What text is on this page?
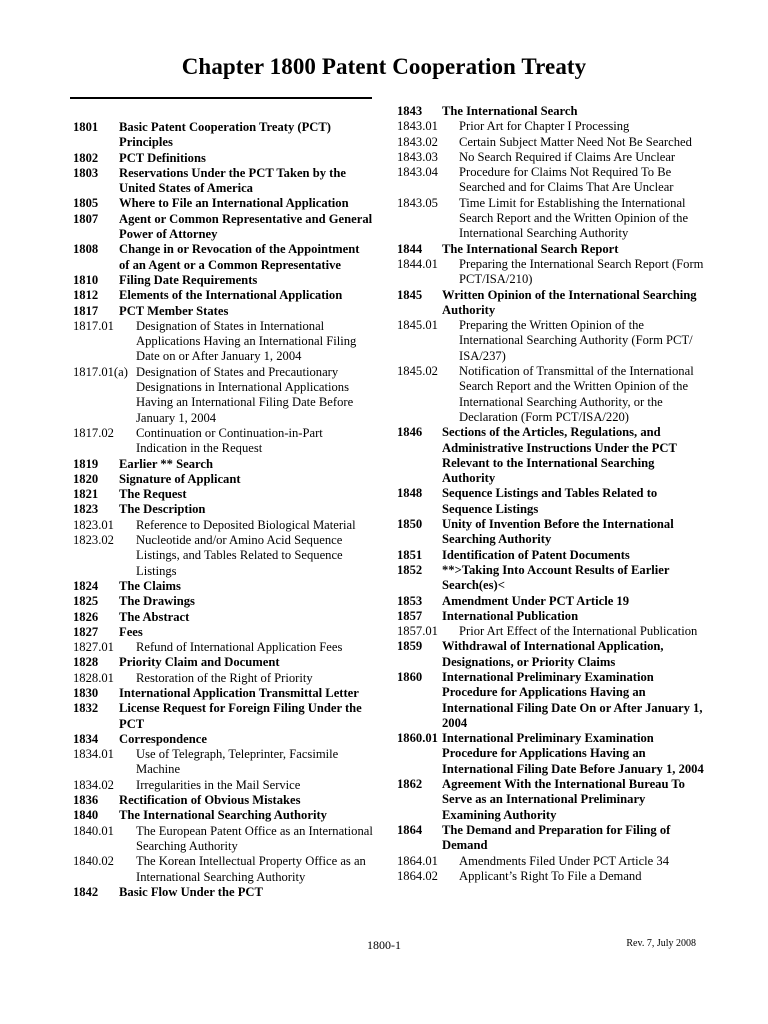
Chapter 1800 Patent Cooperation Treaty
1801	Basic Patent Cooperation Treaty (PCT) Principles
1802	PCT Definitions
1803	Reservations Under the PCT Taken by the United States of America
1805	Where to File an International Application
1807	Agent or Common Representative and General Power of Attorney
1808	Change in or Revocation of the Appointment of an Agent or a Common Representative
1810	Filing Date Requirements
1812	Elements of the International Application
1817	PCT Member States
1817.01	Designation of States in International Applications Having an International Filing Date on or After January 1, 2004
1817.01(a) Designation of States and Precautionary Designations in International Applications Having an International Filing Date Before January 1, 2004
1817.02	Continuation or Continuation-in-Part Indication in the Request
1819	Earlier ** Search
1820	Signature of Applicant
1821	The Request
1823	The Description
1823.01	Reference to Deposited Biological Material
1823.02	Nucleotide and/or Amino Acid Sequence Listings, and Tables Related to Sequence Listings
1824	The Claims
1825	The Drawings
1826	The Abstract
1827	Fees
1827.01	Refund of International Application Fees
1828	Priority Claim and Document
1828.01	Restoration of the Right of Priority
1830	International Application Transmittal Letter
1832	License Request for Foreign Filing Under the PCT
1834	Correspondence
1834.01	Use of Telegraph, Teleprinter, Facsimile Machine
1834.02	Irregularities in the Mail Service
1836	Rectification of Obvious Mistakes
1840	The International Searching Authority
1840.01	The European Patent Office as an International Searching Authority
1840.02	The Korean Intellectual Property Office as an International Searching Authority
1842	Basic Flow Under the PCT
1843	The International Search
1843.01	Prior Art for Chapter I Processing
1843.02	Certain Subject Matter Need Not Be Searched
1843.03	No Search Required if Claims Are Unclear
1843.04	Procedure for Claims Not Required To Be Searched and for Claims That Are Unclear
1843.05	Time Limit for Establishing the International Search Report and the Written Opinion of the International Searching Authority
1844	The International Search Report
1844.01	Preparing the International Search Report (Form PCT/ISA/210)
1845	Written Opinion of the International Searching Authority
1845.01	Preparing the Written Opinion of the International Searching Authority (Form PCT/ ISA/237)
1845.02	Notification of Transmittal of the International Search Report and the Written Opinion of the International Searching Authority, or the Declaration (Form PCT/ISA/220)
1846	Sections of the Articles, Regulations, and Administrative Instructions Under the PCT Relevant to the International Searching Authority
1848	Sequence Listings and Tables Related to Sequence Listings
1850	Unity of Invention Before the International Searching Authority
1851	Identification of Patent Documents
1852	**>Taking Into Account Results of Earlier Search(es)<
1853	Amendment Under PCT Article 19
1857	International Publication
1857.01	Prior Art Effect of the International Publication
1859	Withdrawal of International Application, Designations, or Priority Claims
1860	International Preliminary Examination Procedure for Applications Having an International Filing Date On or After January 1, 2004
1860.01 International Preliminary Examination Procedure for Applications Having an International Filing Date Before January 1, 2004
1862	Agreement With the International Bureau To Serve as an International Preliminary Examining Authority
1864	The Demand and Preparation for Filing of Demand
1864.01	Amendments Filed Under PCT Article 34
1864.02	Applicant’s Right To File a Demand
1800-1	Rev. 7, July 2008
